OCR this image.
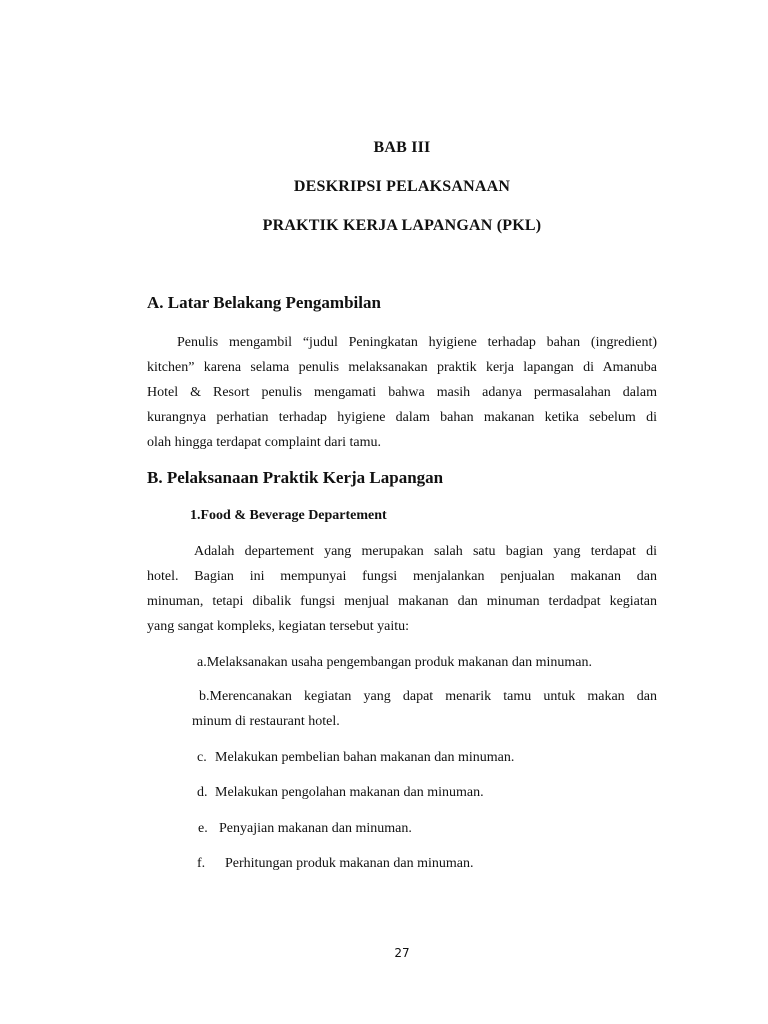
BAB III
DESKRIPSI PELAKSANAAN
PRAKTIK KERJA LAPANGAN (PKL)
A. Latar Belakang Pengambilan
Penulis mengambil “judul Peningkatan hyigiene terhadap bahan (ingredient)
kitchen” karena selama penulis melaksanakan praktik kerja lapangan di Amanuba
Hotel & Resort penulis mengamati bahwa masih adanya permasalahan dalam
kurangnya perhatian terhadap hyigiene dalam bahan makanan ketika sebelum di
olah hingga terdapat complaint dari tamu.
B. Pelaksanaan Praktik Kerja Lapangan
1.Food & Beverage Departement
Adalah departement yang merupakan salah satu bagian yang terdapat di
hotel. Bagian ini mempunyai fungsi menjalankan penjualan makanan dan
minuman, tetapi dibalik fungsi menjual makanan dan minuman terdadpat kegiatan
yang sangat kompleks, kegiatan tersebut yaitu:
a.Melaksanakan usaha pengembangan produk makanan dan minuman.
b.Merencanakan kegiatan yang dapat menarik tamu untuk makan dan
minum di restaurant hotel.
c. Melakukan pembelian bahan makanan dan minuman.
d. Melakukan pengolahan makanan dan minuman.
e. Penyajian makanan dan minuman.
f. Perhitungan produk makanan dan minuman.
27
